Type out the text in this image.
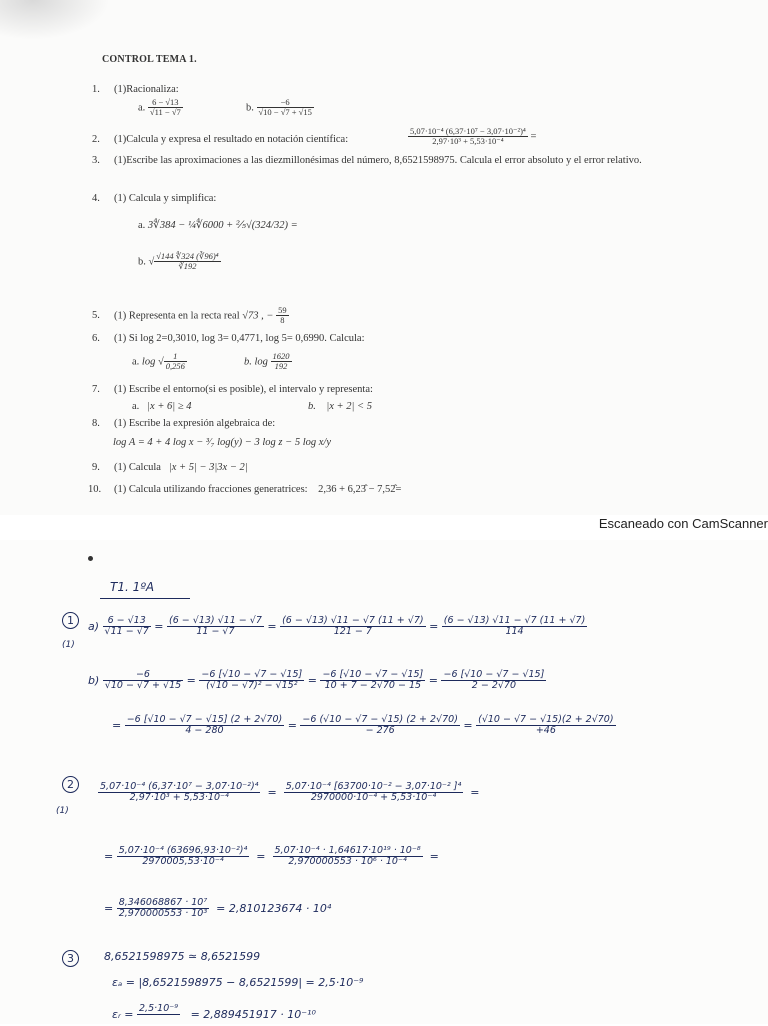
CONTROL TEMA 1.
1. (1)Racionaliza:
a. $\frac{6 - √13}{√11 - √7}$	b. $\frac{-6}{√10 - √7 + √15}$
2. (1)Calcula y expresa el resultado en notación científica:	$\frac{\text{5,07·10⁻⁴ (6,37·10⁷ − 3,07·10⁻²)⁴}}{\text{2,97·10³ + 5,53·10⁻⁴}}$ =
3. (1)Escribe las aproximaciones a las diezmillonésimas del número, 8,6521598975. Calcula el error absoluto y el error relativo.
4. (1) Calcula y simplifica:
a. 3∜384 − ¼∜6000 + ⅖√(324/32) =
b. √ $\frac{\text{√144 ∜324 (∛96)⁴}}{∛192}$
5. (1) Representa en la recta real √73 , − $\frac{59}{8}$
6. (1) Si log 2=0,3010, log 3= 0,4771, log 5= 0,6990. Calcula:
a. log √ $\frac{1}{0,256}$	b. $\log \frac{1620}{192}$
7. (1) Escribe el entorno(si es posible), el intervalo y representa:
a. |x + 6| ≥ 4	b. |x + 2| < 5
8. (1) Escribe la expresión algebraica de:
log A = 4 + 4 log x − ³⁄₇ log(y) − 3 log z − 5 log x/y
9. (1) Calcula |x + 5| − 3|3x − 2|
10. (1) Calcula utilizando fracciones generatrices: 2,36 + 6,23̂ − 7,52̂=
Escaneado con CamScanner
T1. 1ºA
1
(1)
$a) \frac{6 - √13}{√11 - √7} = \frac{(6 - √13) √11 - √7}{11 - √7} = \frac{(6 - √13) √11 - √7 (11 + √7)}{121 - 7} = \frac{(6 - √13) √11 - √7 (11 + √7)}{114}$
$b) \frac{-6}{√10 - √7 + √15} = \frac{-6 [√10 - √7 - √15]}{\text{(√10 − √7)² − √15²}} = \frac{-6 [√10 - √7 - √15]}{10 + 7 - 2√70 - 15} = \frac{-6 [√10 - √7 - √15]}{2 - 2√70}$
= $\frac{-6 [√10 - √7 - √15] (2 + 2√70)}{4 - 280} = \frac{-6 (√10 - √7 - √15) (2 + 2√70)}{- 276} = \frac{(√10 - √7 - √15)(2 + 2√70)}{+46}$
2
(1)
$\frac{\text{5,07·10⁻⁴ (6,37·10⁷ − 3,07·10⁻²)⁴}}{\text{2,97·10³ + 5,53·10⁻⁴}} = \frac{\text{5,07·10⁻⁴ [63700·10⁻² − 3,07·10⁻² ]⁴}}{\text{2970000·10⁻⁴ + 5,53·10⁻⁴}}$ =
= $\frac{\text{5,07·10⁻⁴ (63696,93·10⁻²)⁴}}{\text{2970005,53·10⁻⁴}} = \frac{\text{5,07·10⁻⁴ · 1,64617·10¹⁹ · 10⁻⁸}}{\text{2,970000553 · 10⁶ · 10⁻⁴}}$ =
= $\frac{\text{8,346068867 · 10⁷}}{\text{2,970000553 · 10³}} = 2,810123674 \cdot 10^4$
3	8,6521598975 ≃ 8,6521599
εₐ = |8,6521598975 − 8,6521599| = 2,5·10⁻⁹
εᵣ = 2,5·10⁻⁹
= 2,889451917 · 10⁻¹⁰
